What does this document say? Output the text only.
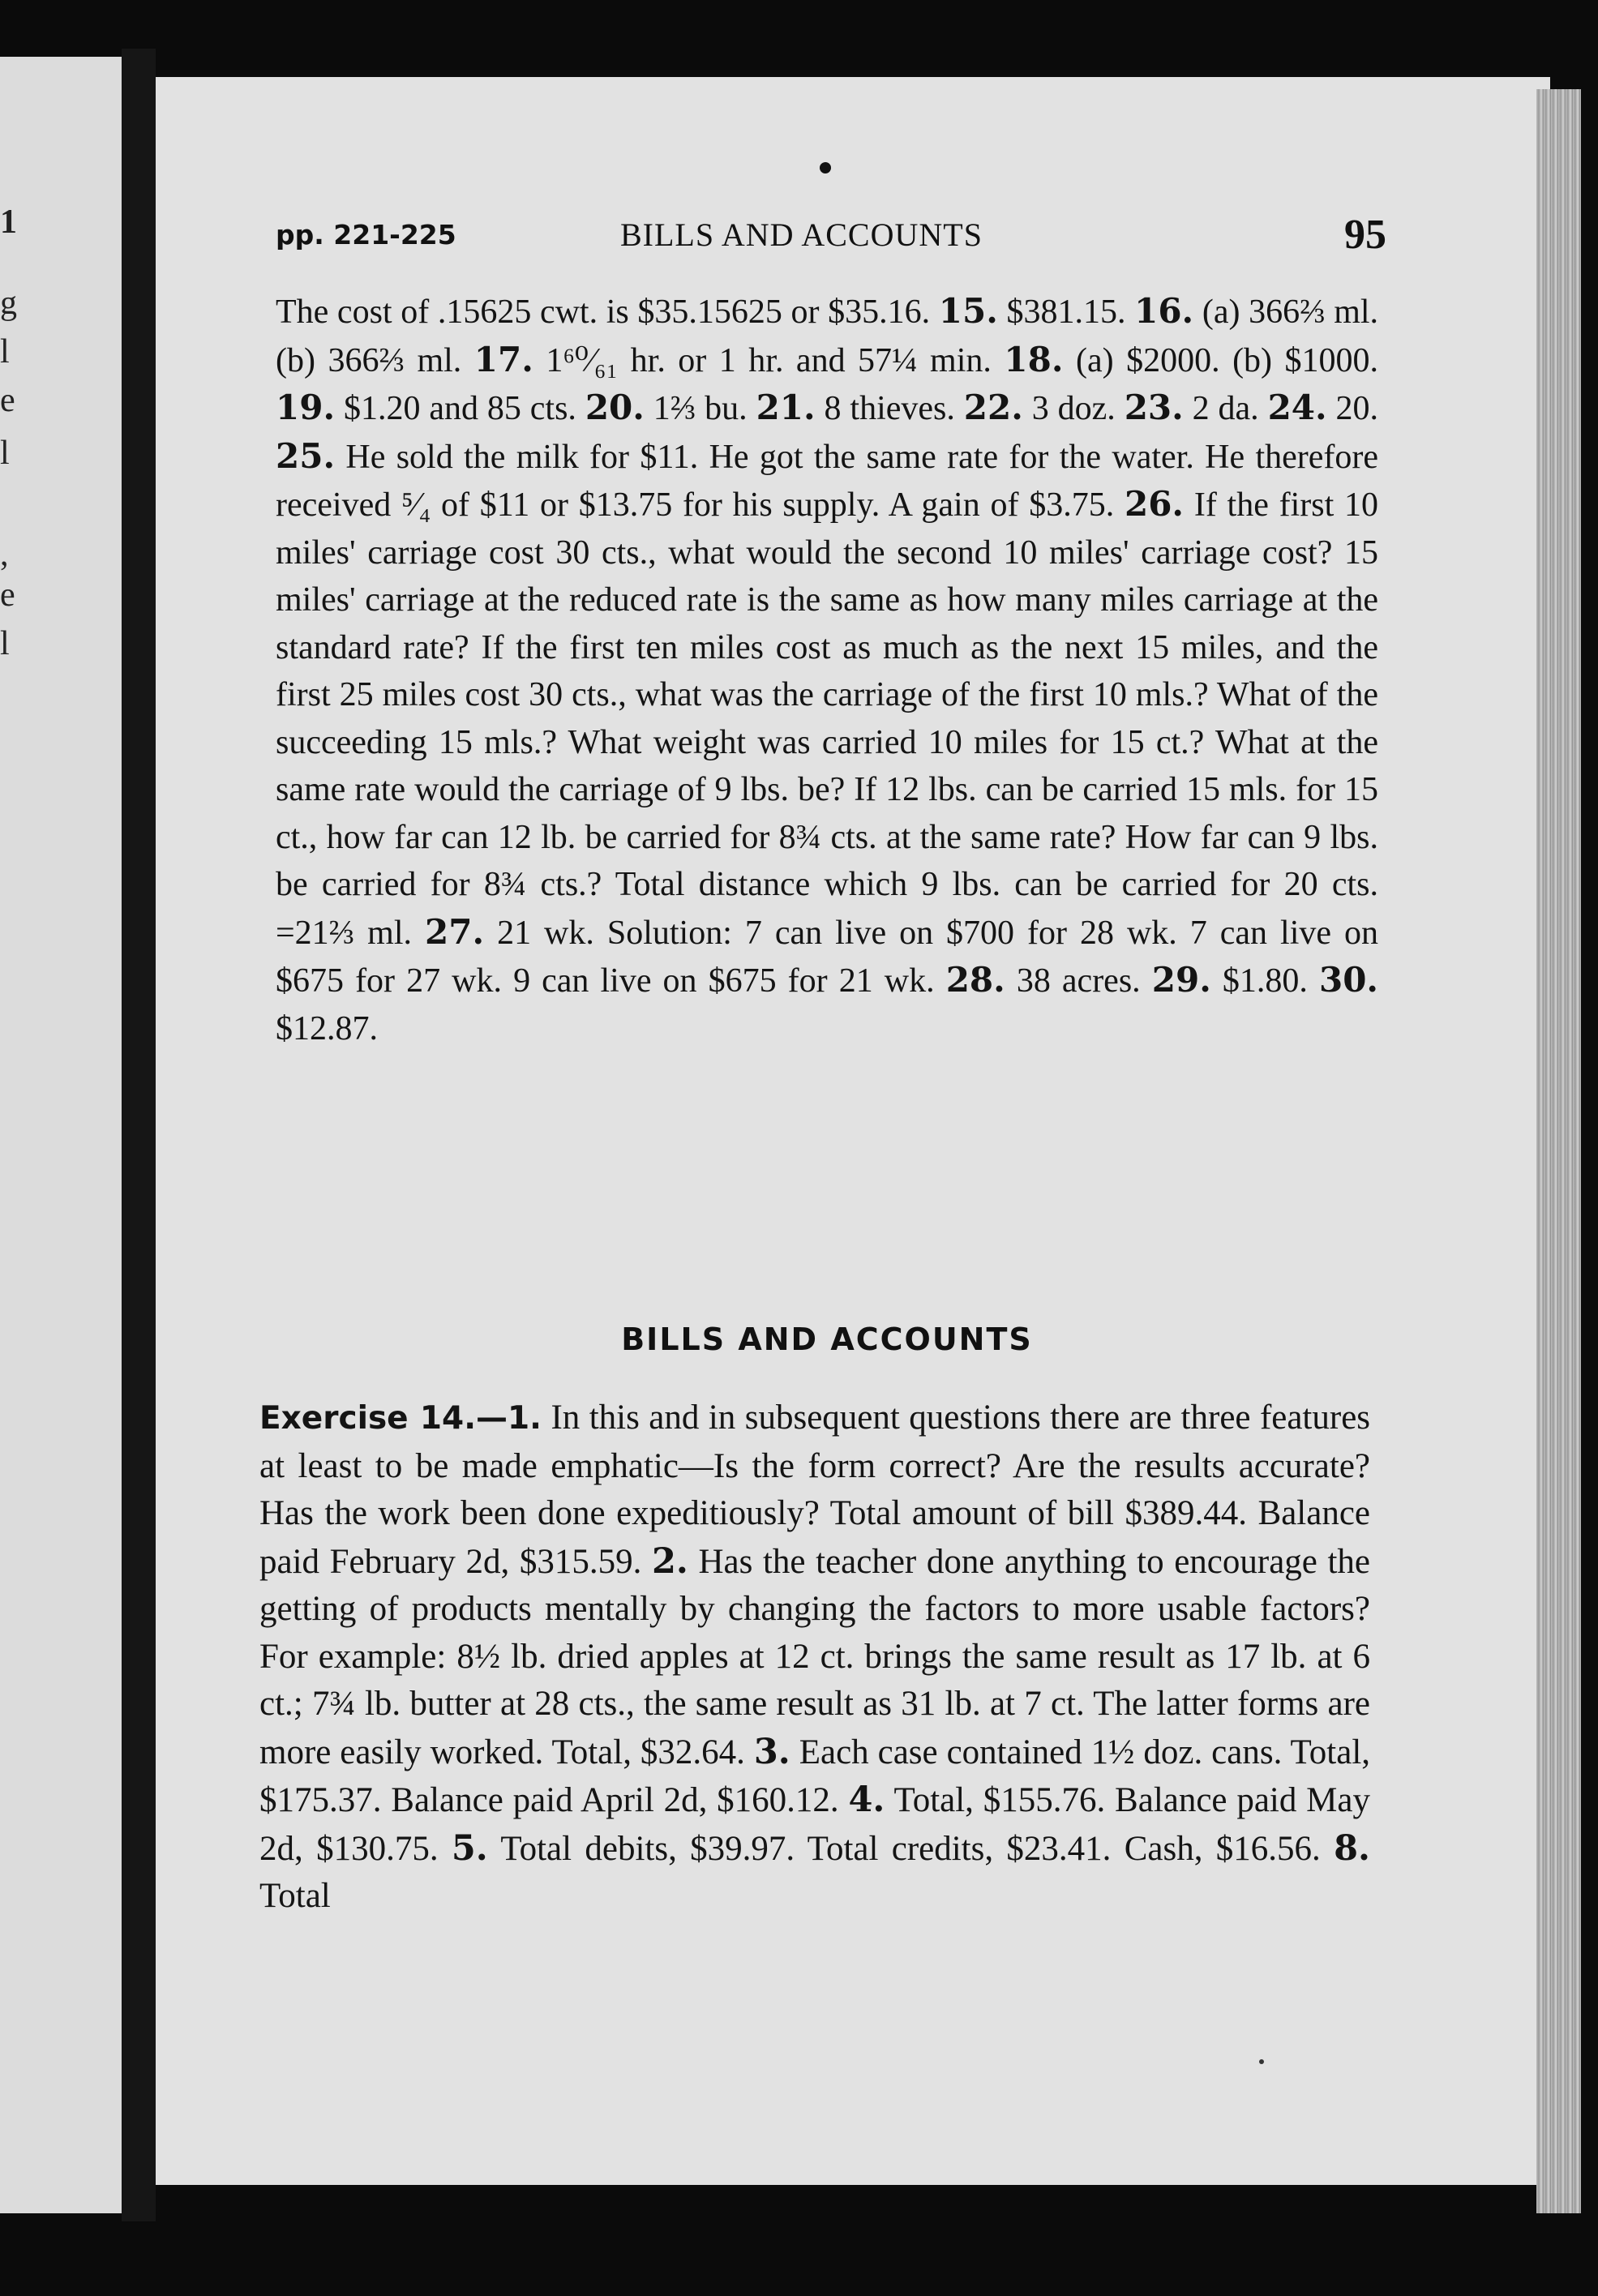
1
g
l
e
l
,
e
l
pp. 221-225	BILLS AND ACCOUNTS	95
The cost of .15625 cwt. is $35.15625 or $35.16. 15. $381.15. 16. (a) 366⅔ ml. (b) 366⅔ ml. 17. 1⁶⁰⁄₆₁ hr. or 1 hr. and 57¼ min. 18. (a) $2000. (b) $1000. 19. $1.20 and 85 cts. 20. 1⅔ bu. 21. 8 thieves. 22. 3 doz. 23. 2 da. 24. 20. 25. He sold the milk for $11. He got the same rate for the water. He therefore received ⁵⁄₄ of $11 or $13.75 for his supply. A gain of $3.75. 26. If the first 10 miles' carriage cost 30 cts., what would the second 10 miles' carriage cost? 15 miles' carriage at the reduced rate is the same as how many miles carriage at the standard rate? If the first ten miles cost as much as the next 15 miles, and the first 25 miles cost 30 cts., what was the carriage of the first 10 mls.? What of the succeeding 15 mls.? What weight was carried 10 miles for 15 ct.? What at the same rate would the carriage of 9 lbs. be? If 12 lbs. can be carried 15 mls. for 15 ct., how far can 12 lb. be carried for 8¾ cts. at the same rate? How far can 9 lbs. be carried for 8¾ cts.? Total distance which 9 lbs. can be carried for 20 cts. =21⅔ ml. 27. 21 wk. Solution: 7 can live on $700 for 28 wk. 7 can live on $675 for 27 wk. 9 can live on $675 for 21 wk. 28. 38 acres. 29. $1.80. 30. $12.87.
BILLS AND ACCOUNTS
Exercise 14.—1. In this and in subsequent questions there are three features at least to be made emphatic—Is the form correct? Are the results accurate? Has the work been done expeditiously? Total amount of bill $389.44. Balance paid February 2d, $315.59. 2. Has the teacher done anything to encourage the getting of products mentally by changing the factors to more usable factors? For example: 8½ lb. dried apples at 12 ct. brings the same result as 17 lb. at 6 ct.; 7¾ lb. butter at 28 cts., the same result as 31 lb. at 7 ct. The latter forms are more easily worked. Total, $32.64. 3. Each case contained 1½ doz. cans. Total, $175.37. Balance paid April 2d, $160.12. 4. Total, $155.76. Balance paid May 2d, $130.75. 5. Total debits, $39.97. Total credits, $23.41. Cash, $16.56. 8. Total
